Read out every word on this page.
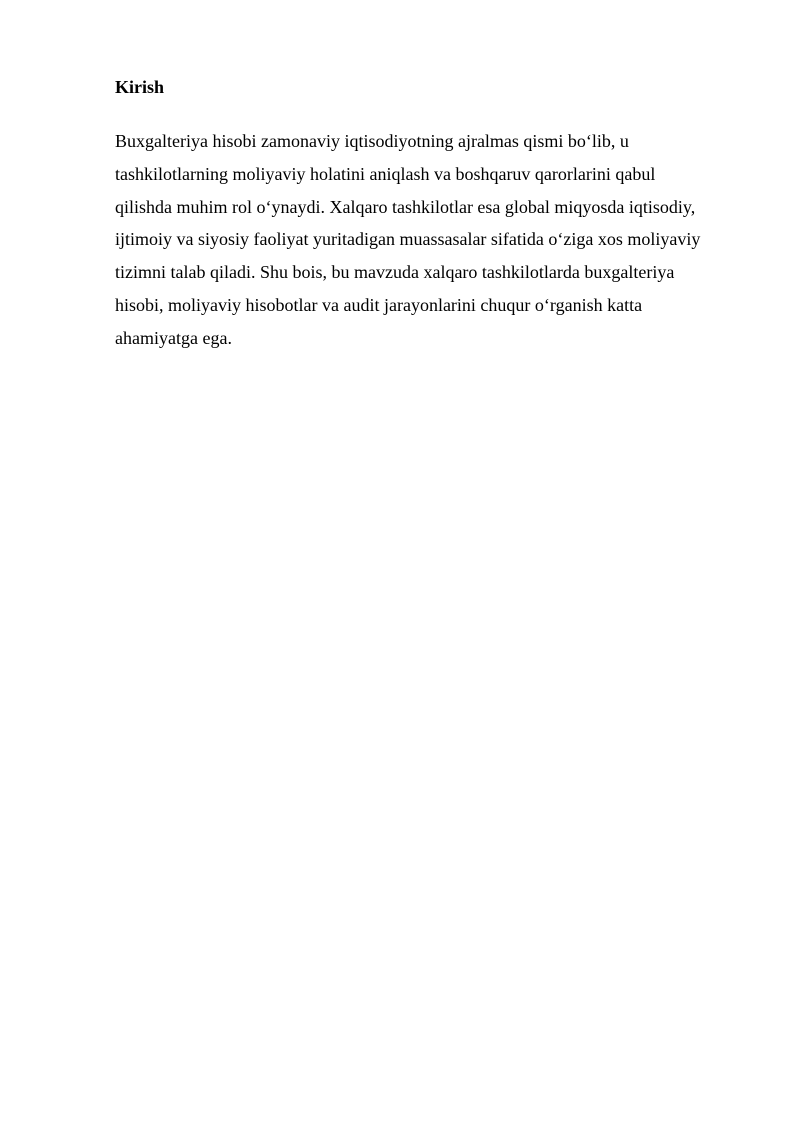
Kirish

Buxgalteriya hisobi zamonaviy iqtisodiyotning ajralmas qismi bo‘lib, u
tashkilotlarning moliyaviy holatini aniqlash va boshqaruv qarorlarini qabul
qilishda muhim rol o‘ynaydi. Xalqaro tashkilotlar esa global miqyosda iqtisodiy,
ijtimoiy va siyosiy faoliyat yuritadigan muassasalar sifatida o‘ziga xos moliyaviy
tizimni talab qiladi. Shu bois, bu mavzuda xalqaro tashkilotlarda buxgalteriya
hisobi, moliyaviy hisobotlar va audit jarayonlarini chuqur o‘rganish katta
ahamiyatga ega.
